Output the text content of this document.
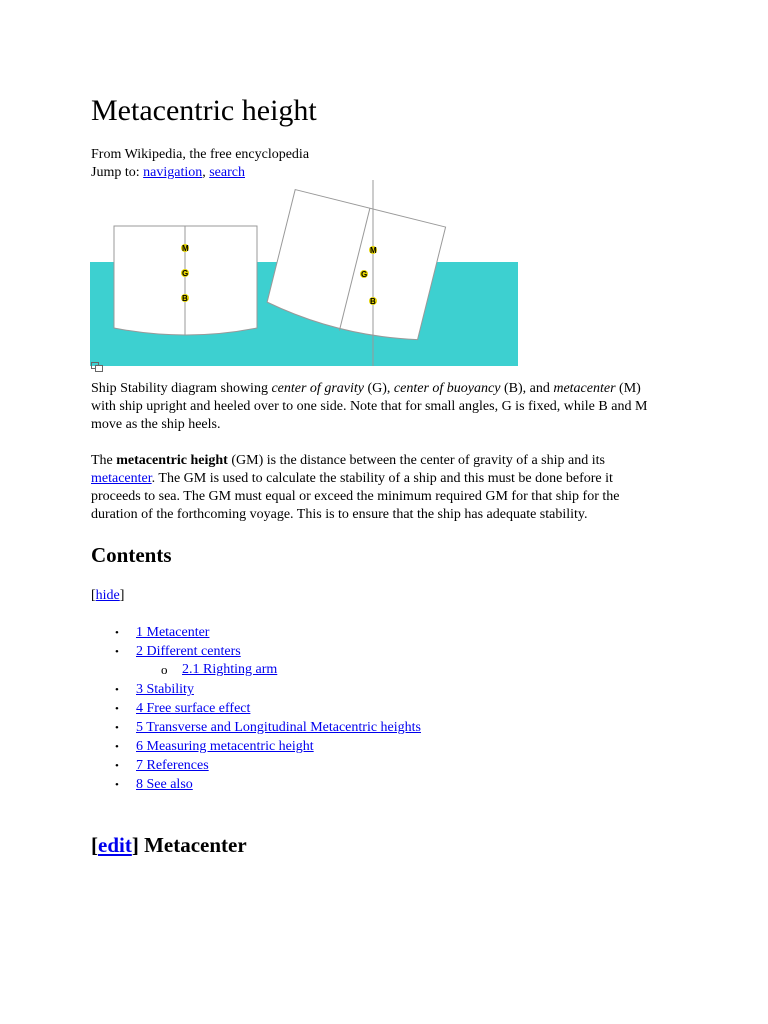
Metacentric height
From Wikipedia, the free encyclopedia
Jump to: navigation, search
M
G
B
M
G
B
Ship Stability diagram showing center of gravity (G), center of buoyancy (B), and metacenter (M) with ship upright and heeled over to one side. Note that for small angles, G is fixed, while B and M move as the ship heels.
The metacentric height (GM) is the distance between the center of gravity of a ship and its metacenter. The GM is used to calculate the stability of a ship and this must be done before it proceeds to sea. The GM must equal or exceed the minimum required GM for that ship for the duration of the forthcoming voyage. This is to ensure that the ship has adequate stability.
Contents
[hide]
• 1 Metacenter
• 2 Different centers
o 2.1 Righting arm
• 3 Stability
• 4 Free surface effect
• 5 Transverse and Longitudinal Metacentric heights
• 6 Measuring metacentric height
• 7 References
• 8 See also
[edit] Metacenter
